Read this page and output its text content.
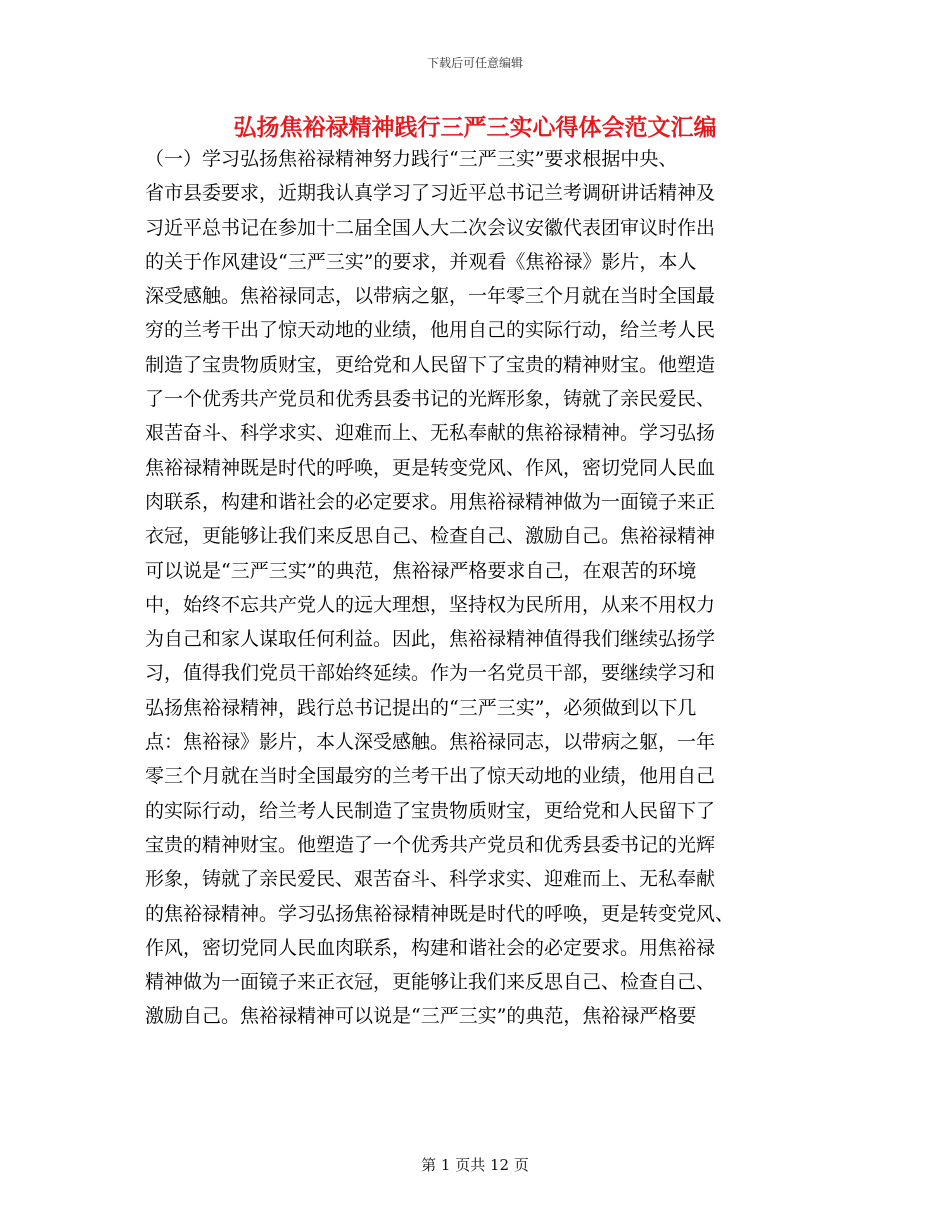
下载后可任意编辑
弘扬焦裕禄精神践行三严三实心得体会范文汇编
（一）学习弘扬焦裕禄精神努力践行“三严三实”要求根据中央、
省市县委要求，近期我认真学习了习近平总书记兰考调研讲话精神及
习近平总书记在参加十二届全国人大二次会议安徽代表团审议时作出
的关于作风建设“三严三实”的要求，并观看《焦裕禄》影片，本人
深受感触。焦裕禄同志，以带病之躯，一年零三个月就在当时全国最
穷的兰考干出了惊天动地的业绩，他用自己的实际行动，给兰考人民
制造了宝贵物质财宝，更给党和人民留下了宝贵的精神财宝。他塑造
了一个优秀共产党员和优秀县委书记的光辉形象，铸就了亲民爱民、
艰苦奋斗、科学求实、迎难而上、无私奉献的焦裕禄精神。学习弘扬
焦裕禄精神既是时代的呼唤，更是转变党风、作风，密切党同人民血
肉联系，构建和谐社会的必定要求。用焦裕禄精神做为一面镜子来正
衣冠，更能够让我们来反思自己、检查自己、激励自己。焦裕禄精神
可以说是“三严三实”的典范，焦裕禄严格要求自己，在艰苦的环境
中，始终不忘共产党人的远大理想，坚持权为民所用，从来不用权力
为自己和家人谋取任何利益。因此，焦裕禄精神值得我们继续弘扬学
习，值得我们党员干部始终延续。作为一名党员干部，要继续学习和
弘扬焦裕禄精神，践行总书记提出的“三严三实”，必须做到以下几
点：焦裕禄》影片，本人深受感触。焦裕禄同志，以带病之躯，一年
零三个月就在当时全国最穷的兰考干出了惊天动地的业绩，他用自己
的实际行动，给兰考人民制造了宝贵物质财宝，更给党和人民留下了
宝贵的精神财宝。他塑造了一个优秀共产党员和优秀县委书记的光辉
形象，铸就了亲民爱民、艰苦奋斗、科学求实、迎难而上、无私奉献
的焦裕禄精神。学习弘扬焦裕禄精神既是时代的呼唤，更是转变党风、
作风，密切党同人民血肉联系，构建和谐社会的必定要求。用焦裕禄
精神做为一面镜子来正衣冠，更能够让我们来反思自己、检查自己、
激励自己。焦裕禄精神可以说是“三严三实”的典范，焦裕禄严格要
第 1 页共 12 页
